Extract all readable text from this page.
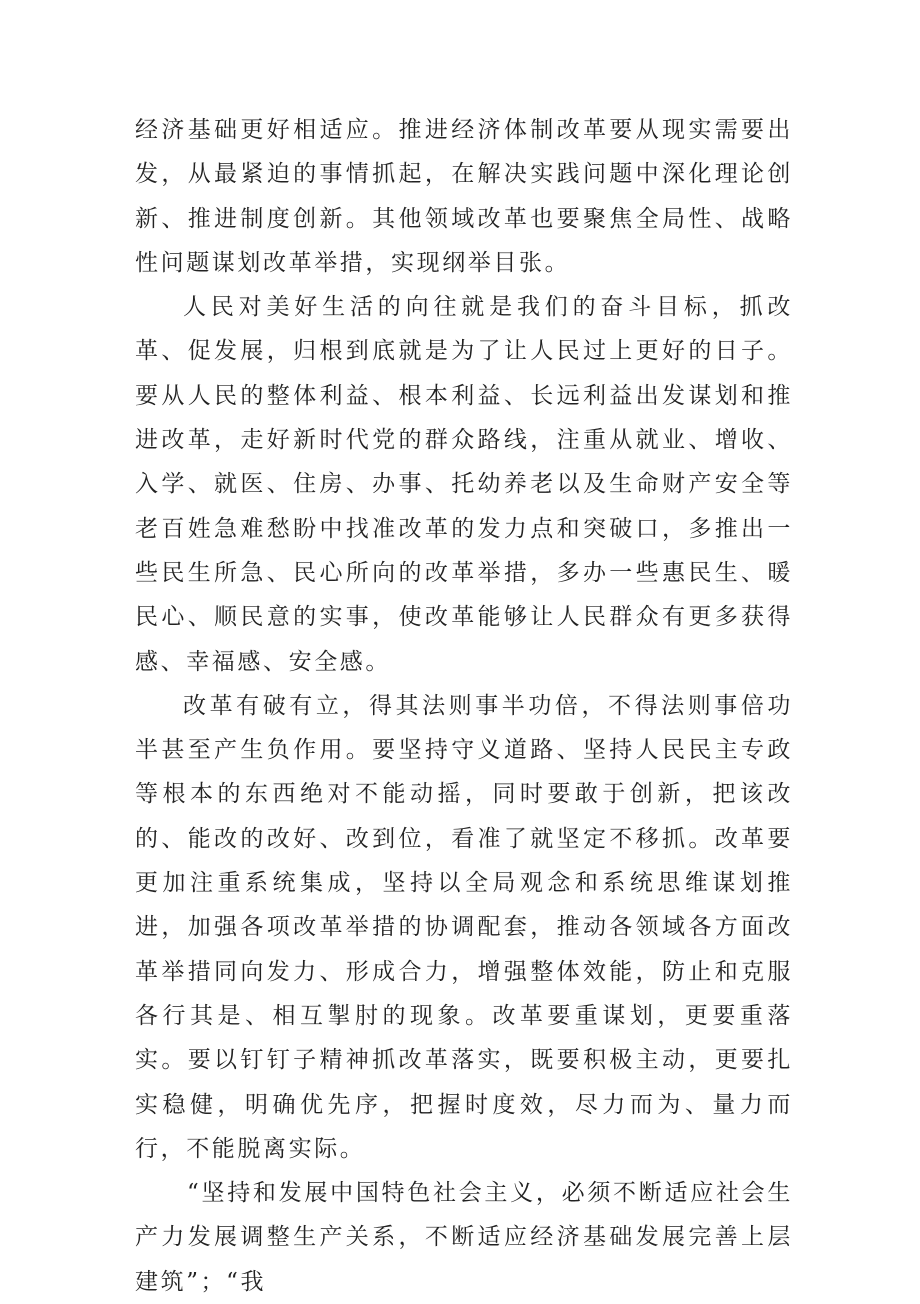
经济基础更好相适应。推进经济体制改革要从现实需要出发，从最紧迫的事情抓起，在解决实践问题中深化理论创新、推进制度创新。其他领域改革也要聚焦全局性、战略性问题谋划改革举措，实现纲举目张。

人民对美好生活的向往就是我们的奋斗目标，抓改革、促发展，归根到底就是为了让人民过上更好的日子。要从人民的整体利益、根本利益、长远利益出发谋划和推进改革，走好新时代党的群众路线，注重从就业、增收、入学、就医、住房、办事、托幼养老以及生命财产安全等老百姓急难愁盼中找准改革的发力点和突破口，多推出一些民生所急、民心所向的改革举措，多办一些惠民生、暖民心、顺民意的实事，使改革能够让人民群众有更多获得感、幸福感、安全感。

改革有破有立，得其法则事半功倍，不得法则事倍功半甚至产生负作用。要坚持守义道路、坚持人民民主专政等根本的东西绝对不能动摇，同时要敢于创新，把该改的、能改的改好、改到位，看准了就坚定不移抓。改革要更加注重系统集成，坚持以全局观念和系统思维谋划推进，加强各项改革举措的协调配套，推动各领域各方面改革举措同向发力、形成合力，增强整体效能，防止和克服各行其是、相互掣肘的现象。改革要重谋划，更要重落实。要以钉钉子精神抓改革落实，既要积极主动，更要扎实稳健，明确优先序，把握时度效，尽力而为、量力而行，不能脱离实际。

“坚持和发展中国特色社会主义，必须不断适应社会生产力发展调整生产关系，不断适应经济基础发展完善上层建筑”；“我
